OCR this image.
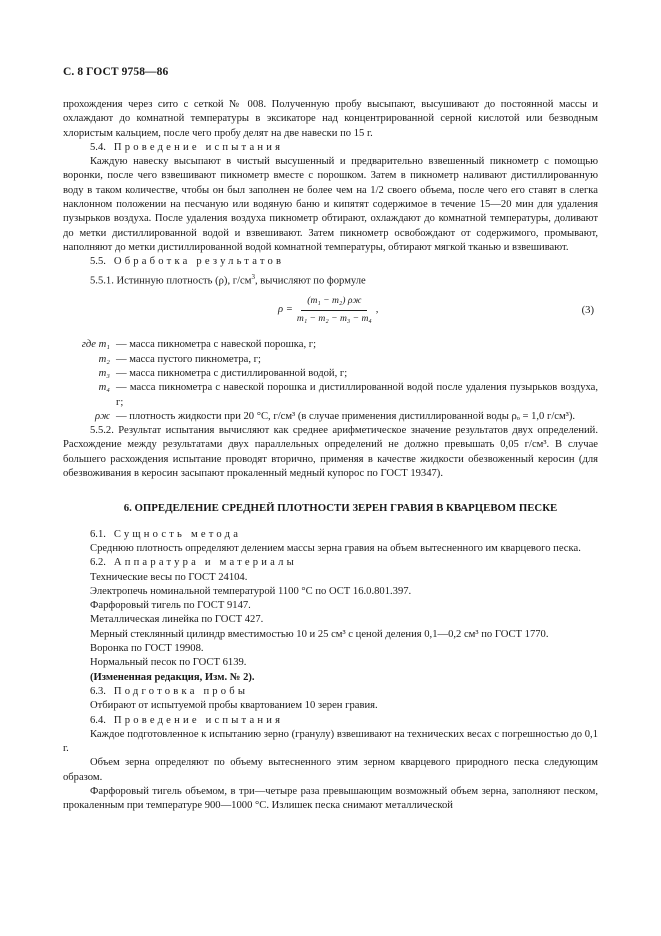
С. 8 ГОСТ 9758—86

прохождения через сито с сеткой № 008. Полученную пробу высыпают, высушивают до постоянной массы и охлаждают до комнатной температуры в эксикаторе над концентрированной серной кислотой или безводным хлористым кальцием, после чего пробу делят на две навески по 15 г.

5.4. Проведение испытания

Каждую навеску высыпают в чистый высушенный и предварительно взвешенный пикнометр с помощью воронки, после чего взвешивают пикнометр вместе с порошком. Затем в пикнометр наливают дистиллированную воду в таком количестве, чтобы он был заполнен не более чем на 1/2 своего объема, после чего его ставят в слегка наклонном положении на песчаную или водяную баню и кипятят содержимое в течение 15—20 мин для удаления пузырьков воздуха. После удаления воздуха пикнометр обтирают, охлаждают до комнатной температуры, доливают до метки дистиллированной водой и взвешивают. Затем пикнометр освобождают от содержимого, промывают, наполняют до метки дистиллированной водой комнатной температуры, обтирают мягкой тканью и взвешивают.

5.5. Обработка результатов

5.5.1. Истинную плотность (ρ), $г/см^3$, вычисляют по формуле

$\rho = \frac{\text{(m₁ − m₂) ρж}}{\text{m₁ − m₂ − m₃ − m₄}}$ ,	(3)
где m₁ — масса пикнометра с навеской порошка, г;
m₂ — масса пустого пикнометра, г;
m₃ — масса пикнометра с дистиллированной водой, г;
m₄ — масса пикнометра с навеской порошка и дистиллированной водой после удаления пузырьков воздуха, г;
ρж — плотность жидкости при 20 °С, г/см³ (в случае применения дистиллированной воды ρₒ = 1,0 г/см³).

5.5.2. Результат испытания вычисляют как среднее арифметическое значение результатов двух определений. Расхождение между результатами двух параллельных определений не должно превышать 0,05 г/см³. В случае большего расхождения испытание проводят вторично, применяя в качестве жидкости обезвоженный керосин (для обезвоживания в керосин засыпают прокаленный медный купорос по ГОСТ 19347).

6. ОПРЕДЕЛЕНИЕ СРЕДНЕЙ ПЛОТНОСТИ ЗЕРЕН ГРАВИЯ В КВАРЦЕВОМ ПЕСКЕ

6.1. Сущность метода

Среднюю плотность определяют делением массы зерна гравия на объем вытесненного им кварцевого песка.

6.2. Аппаратура и материалы

Технические весы по ГОСТ 24104.

Электропечь номинальной температурой 1100 °С по ОСТ 16.0.801.397.

Фарфоровый тигель по ГОСТ 9147.

Металлическая линейка по ГОСТ 427.

Мерный стеклянный цилиндр вместимостью 10 и 25 см³ с ценой деления 0,1—0,2 см³ по ГОСТ 1770.

Воронка по ГОСТ 19908.

Нормальный песок по ГОСТ 6139.

(Измененная редакция, Изм. № 2).

6.3. Подготовка пробы

Отбирают от испытуемой пробы квартованием 10 зерен гравия.

6.4. Проведение испытания

Каждое подготовленное к испытанию зерно (гранулу) взвешивают на технических весах с погрешностью до 0,1 г.

Объем зерна определяют по объему вытесненного этим зерном кварцевого природного песка следующим образом.

Фарфоровый тигель объемом, в три—четыре раза превышающим возможный объем зерна, заполняют песком, прокаленным при температуре 900—1000 °С. Излишек песка снимают металлической
